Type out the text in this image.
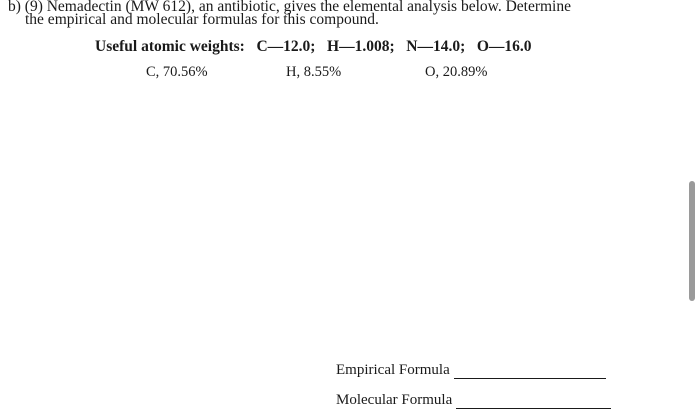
b) (9) Nemadectin (MW 612), an antibiotic, gives the elemental analysis below. Determine
the empirical and molecular formulas for this compound.
Useful atomic weights: C—12.0; H—1.008; N—14.0; O—16.0
C, 70.56%	H, 8.55%	O, 20.89%
Empirical Formula
Molecular Formula
